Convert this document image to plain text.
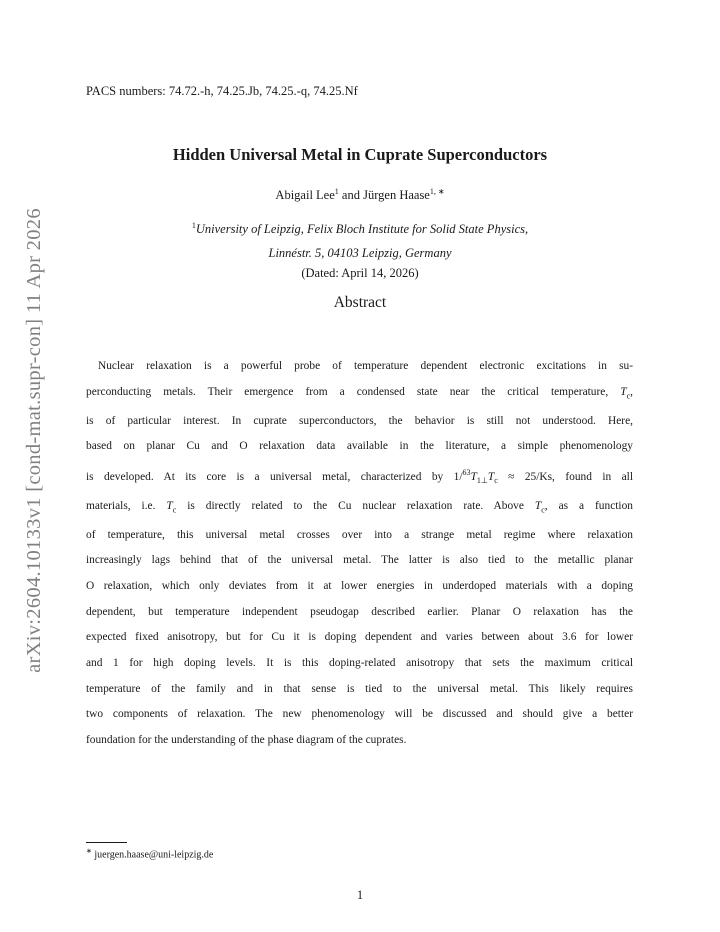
arXiv:2604.10133v1 [cond-mat.supr-con] 11 Apr 2026
PACS numbers: 74.72.-h, 74.25.Jb, 74.25.-q, 74.25.Nf
Hidden Universal Metal in Cuprate Superconductors
Abigail Lee$^1$ and Jürgen Haase$^{1, ∗}$
$^1$University of Leipzig, Felix Bloch Institute for Solid State Physics,
Linnéstr. 5, 04103 Leipzig, Germany
(Dated: April 14, 2026)
Abstract
Nuclear relaxation is a powerful probe of temperature dependent electronic excitations in su-
perconducting metals. Their emergence from a condensed state near the critical temperature, $T_c$,
is of particular interest. In cuprate superconductors, the behavior is still not understood. Here,
based on planar Cu and O relaxation data available in the literature, a simple phenomenology
is developed. At its core is a universal metal, characterized by $1/^{63}T_{1\perp}T_c \approx 25/Ks$, found in all
materials, i.e. $T_c$ is directly related to the Cu nuclear relaxation rate. Above $T_c$, as a function
of temperature, this universal metal crosses over into a strange metal regime where relaxation
increasingly lags behind that of the universal metal. The latter is also tied to the metallic planar
O relaxation, which only deviates from it at lower energies in underdoped materials with a doping
dependent, but temperature independent pseudogap described earlier. Planar O relaxation has the
expected fixed anisotropy, but for Cu it is doping dependent and varies between about 3.6 for lower
and 1 for high doping levels. It is this doping-related anisotropy that sets the maximum critical
temperature of the family and in that sense is tied to the universal metal. This likely requires
two components of relaxation. The new phenomenology will be discussed and should give a better
foundation for the understanding of the phase diagram of the cuprates.
∗ juergen.haase@uni-leipzig.de
1
